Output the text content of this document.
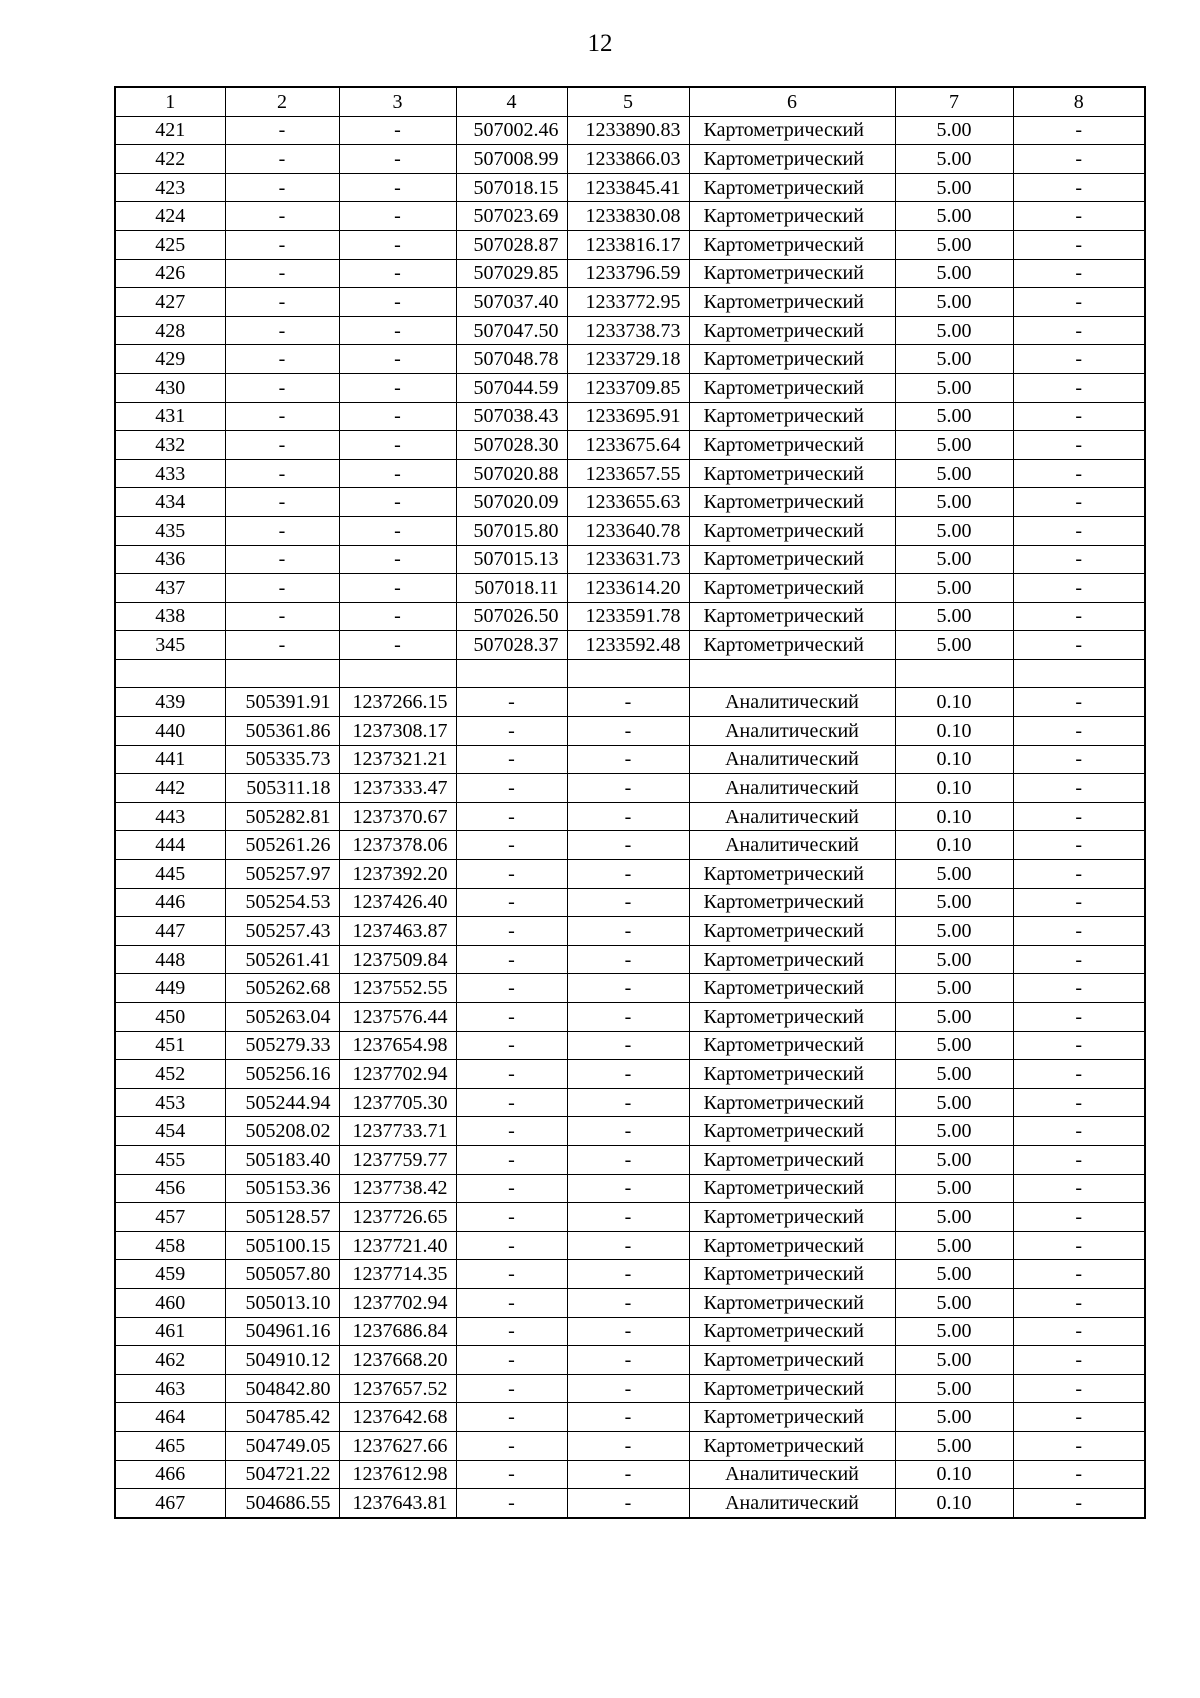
12
1	2	3	4	5	6	7	8
421	-	-	507002.46	1233890.83	Картометрический	5.00	-
422	-	-	507008.99	1233866.03	Картометрический	5.00	-
423	-	-	507018.15	1233845.41	Картометрический	5.00	-
424	-	-	507023.69	1233830.08	Картометрический	5.00	-
425	-	-	507028.87	1233816.17	Картометрический	5.00	-
426	-	-	507029.85	1233796.59	Картометрический	5.00	-
427	-	-	507037.40	1233772.95	Картометрический	5.00	-
428	-	-	507047.50	1233738.73	Картометрический	5.00	-
429	-	-	507048.78	1233729.18	Картометрический	5.00	-
430	-	-	507044.59	1233709.85	Картометрический	5.00	-
431	-	-	507038.43	1233695.91	Картометрический	5.00	-
432	-	-	507028.30	1233675.64	Картометрический	5.00	-
433	-	-	507020.88	1233657.55	Картометрический	5.00	-
434	-	-	507020.09	1233655.63	Картометрический	5.00	-
435	-	-	507015.80	1233640.78	Картометрический	5.00	-
436	-	-	507015.13	1233631.73	Картометрический	5.00	-
437	-	-	507018.11	1233614.20	Картометрический	5.00	-
438	-	-	507026.50	1233591.78	Картометрический	5.00	-
345	-	-	507028.37	1233592.48	Картометрический	5.00	-

439	505391.91	1237266.15	-	-	Аналитический	0.10	-
440	505361.86	1237308.17	-	-	Аналитический	0.10	-
441	505335.73	1237321.21	-	-	Аналитический	0.10	-
442	505311.18	1237333.47	-	-	Аналитический	0.10	-
443	505282.81	1237370.67	-	-	Аналитический	0.10	-
444	505261.26	1237378.06	-	-	Аналитический	0.10	-
445	505257.97	1237392.20	-	-	Картометрический	5.00	-
446	505254.53	1237426.40	-	-	Картометрический	5.00	-
447	505257.43	1237463.87	-	-	Картометрический	5.00	-
448	505261.41	1237509.84	-	-	Картометрический	5.00	-
449	505262.68	1237552.55	-	-	Картометрический	5.00	-
450	505263.04	1237576.44	-	-	Картометрический	5.00	-
451	505279.33	1237654.98	-	-	Картометрический	5.00	-
452	505256.16	1237702.94	-	-	Картометрический	5.00	-
453	505244.94	1237705.30	-	-	Картометрический	5.00	-
454	505208.02	1237733.71	-	-	Картометрический	5.00	-
455	505183.40	1237759.77	-	-	Картометрический	5.00	-
456	505153.36	1237738.42	-	-	Картометрический	5.00	-
457	505128.57	1237726.65	-	-	Картометрический	5.00	-
458	505100.15	1237721.40	-	-	Картометрический	5.00	-
459	505057.80	1237714.35	-	-	Картометрический	5.00	-
460	505013.10	1237702.94	-	-	Картометрический	5.00	-
461	504961.16	1237686.84	-	-	Картометрический	5.00	-
462	504910.12	1237668.20	-	-	Картометрический	5.00	-
463	504842.80	1237657.52	-	-	Картометрический	5.00	-
464	504785.42	1237642.68	-	-	Картометрический	5.00	-
465	504749.05	1237627.66	-	-	Картометрический	5.00	-
466	504721.22	1237612.98	-	-	Аналитический	0.10	-
467	504686.55	1237643.81	-	-	Аналитический	0.10	-
